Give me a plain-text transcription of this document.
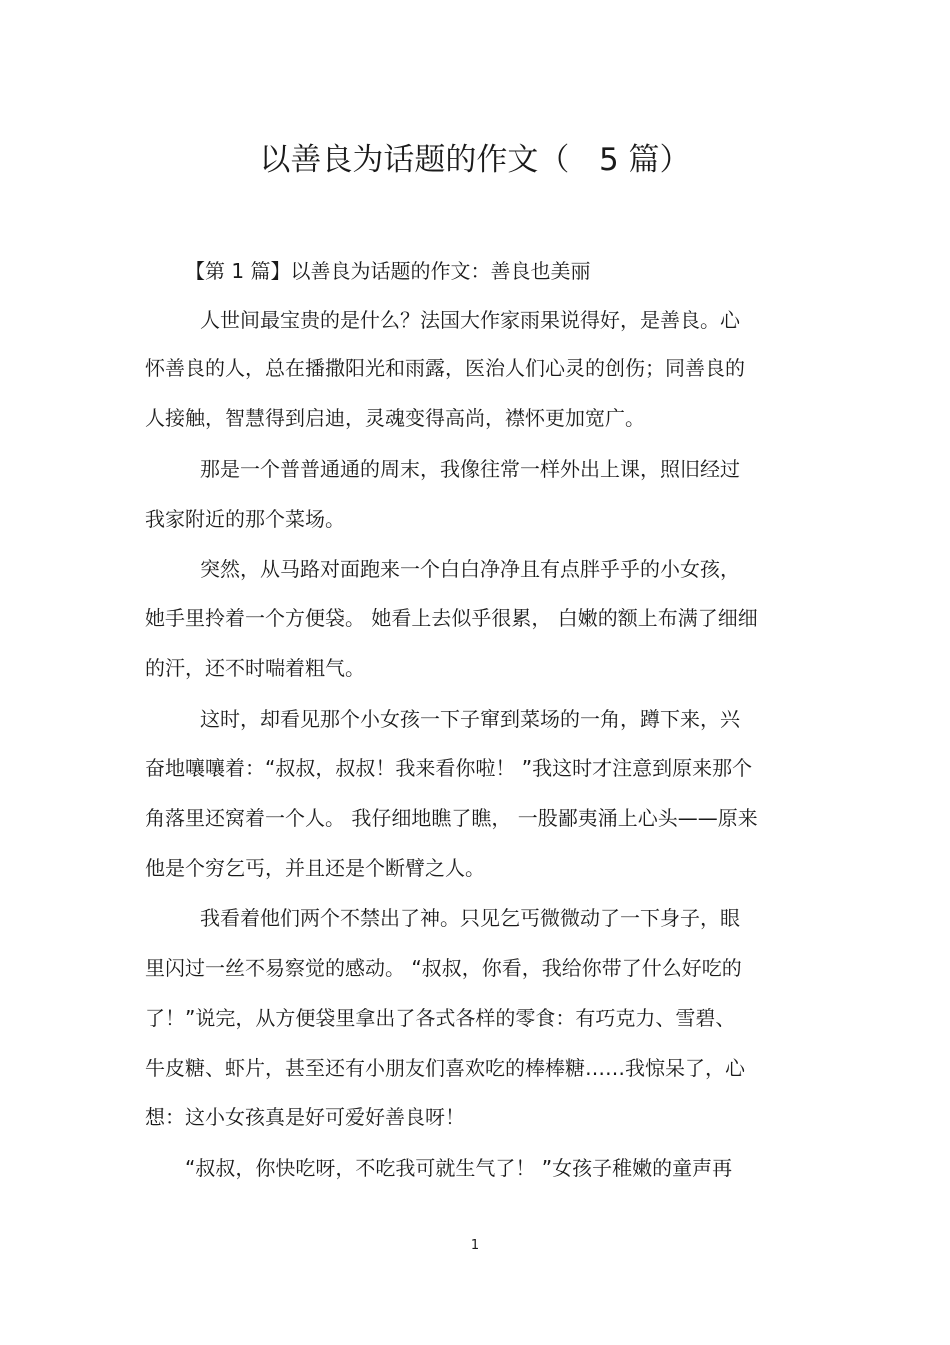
以善良为话题的作文（   5 篇）
【第 1 篇】以善良为话题的作文：善良也美丽
人世间最宝贵的是什么？法国大作家雨果说得好，是善良。心
怀善良的人，总在播撒阳光和雨露，医治人们心灵的创伤；同善良的
人接触，智慧得到启迪，灵魂变得高尚，襟怀更加宽广。
那是一个普普通通的周末，我像往常一样外出上课，照旧经过
我家附近的那个菜场。
突然，从马路对面跑来一个白白净净且有点胖乎乎的小女孩，
她手里拎着一个方便袋。 她看上去似乎很累， 白嫩的额上布满了细细
的汗，还不时喘着粗气。
这时，却看见那个小女孩一下子窜到菜场的一角，蹲下来，兴
奋地嚷嚷着：“叔叔，叔叔！我来看你啦！ ”我这时才注意到原来那个
角落里还窝着一个人。 我仔细地瞧了瞧， 一股鄙夷涌上心头——原来
他是个穷乞丐，并且还是个断臂之人。
我看着他们两个不禁出了神。只见乞丐微微动了一下身子，眼
里闪过一丝不易察觉的感动。 “叔叔，你看，我给你带了什么好吃的
了！”说完，从方便袋里拿出了各式各样的零食：有巧克力、雪碧、
牛皮糖、虾片，甚至还有小朋友们喜欢吃的棒棒糖……我惊呆了，心
想：这小女孩真是好可爱好善良呀！
“叔叔，你快吃呀，不吃我可就生气了！ ”女孩子稚嫩的童声再
1
